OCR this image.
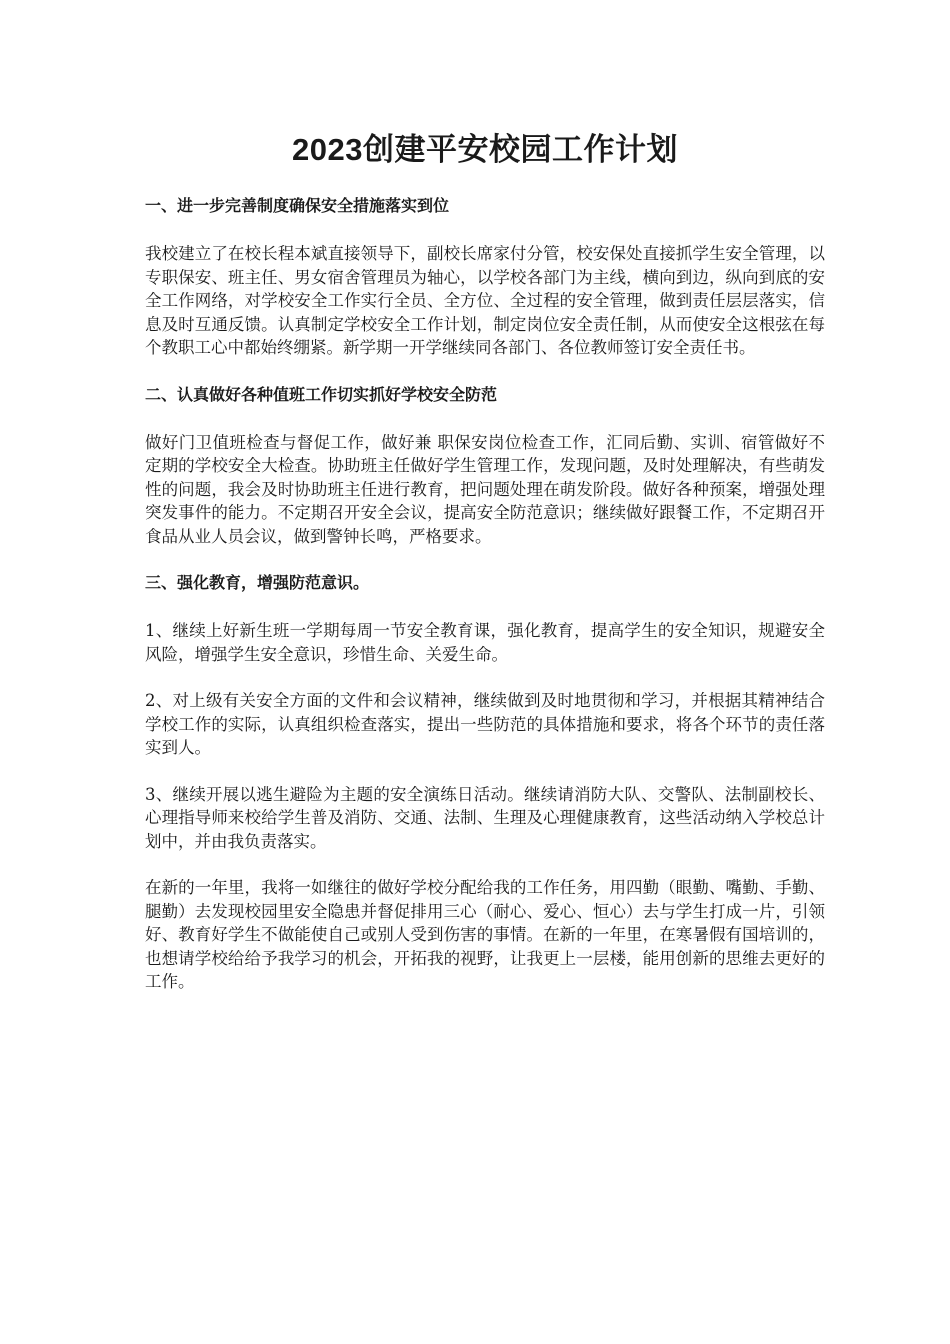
2023创建平安校园工作计划
一、进一步完善制度确保安全措施落实到位

我校建立了在校长程本斌直接领导下，副校长席家付分管，校安保处直接抓学生安全管理，以专职保安、班主任、男女宿舍管理员为轴心，以学校各部门为主线，横向到边，纵向到底的安全工作网络，对学校安全工作实行全员、全方位、全过程的安全管理，做到责任层层落实，信息及时互通反馈。认真制定学校安全工作计划，制定岗位安全责任制，从而使安全这根弦在每个教职工心中都始终绷紧。新学期一开学继续同各部门、各位教师签订安全责任书。

二、认真做好各种值班工作切实抓好学校安全防范

做好门卫值班检查与督促工作，做好兼 职保安岗位检查工作，汇同后勤、实训、宿管做好不定期的学校安全大检查。协助班主任做好学生管理工作，发现问题，及时处理解决，有些萌发性的问题，我会及时协助班主任进行教育，把问题处理在萌发阶段。做好各种预案，增强处理突发事件的能力。不定期召开安全会议，提高安全防范意识；继续做好跟餐工作，不定期召开食品从业人员会议，做到警钟长鸣，严格要求。

三、强化教育，增强防范意识。

1、继续上好新生班一学期每周一节安全教育课，强化教育，提高学生的安全知识，规避安全风险，增强学生安全意识，珍惜生命、关爱生命。

2、对上级有关安全方面的文件和会议精神，继续做到及时地贯彻和学习，并根据其精神结合学校工作的实际，认真组织检查落实，提出一些防范的具体措施和要求，将各个环节的责任落实到人。

3、继续开展以逃生避险为主题的安全演练日活动。继续请消防大队、交警队、法制副校长、心理指导师来校给学生普及消防、交通、法制、生理及心理健康教育，这些活动纳入学校总计划中，并由我负责落实。

在新的一年里，我将一如继往的做好学校分配给我的工作任务，用四勤（眼勤、嘴勤、手勤、腿勤）去发现校园里安全隐患并督促排用三心（耐心、爱心、恒心）去与学生打成一片，引领好、教育好学生不做能使自己或别人受到伤害的事情。在新的一年里，在寒暑假有国培训的，也想请学校给给予我学习的机会，开拓我的视野，让我更上一层楼，能用创新的思维去更好的工作。
